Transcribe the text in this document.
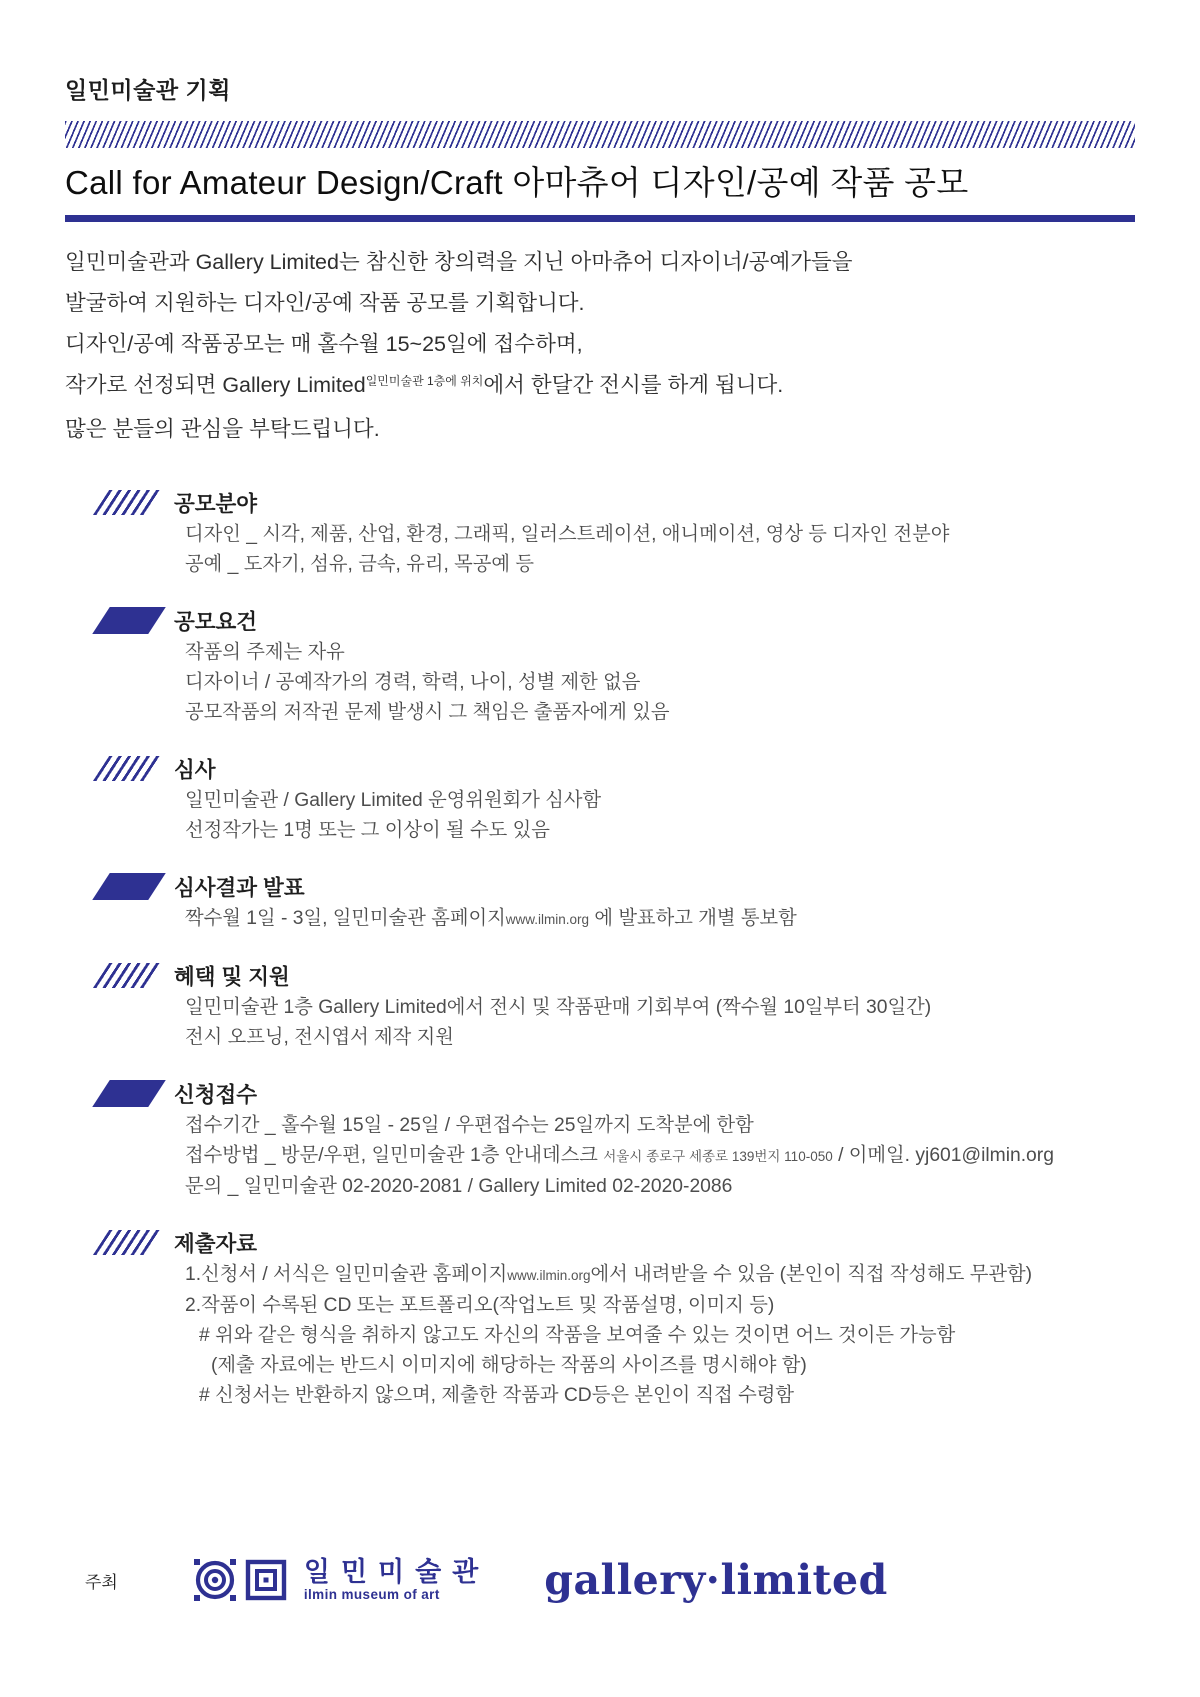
일민미술관 기획
Call for Amateur Design/Craft 아마츄어 디자인/공예 작품 공모
일민미술관과 Gallery Limited는 참신한 창의력을 지닌 아마츄어 디자이너/공예가들을
발굴하여 지원하는 디자인/공예 작품 공모를 기획합니다.
디자인/공예 작품공모는 매 홀수월 15~25일에 접수하며,
작가로 선정되면 Gallery Limited$^{일민미술관 1층에 위치}$에서 한달간 전시를 하게 됩니다.
많은 분들의 관심을 부탁드립니다.
공모분야
디자인 _ 시각, 제품, 산업, 환경, 그래픽, 일러스트레이션, 애니메이션, 영상 등 디자인 전분야
공예 _ 도자기, 섬유, 금속, 유리, 목공예 등
공모요건
작품의 주제는 자유
디자이너 / 공예작가의 경력, 학력, 나이, 성별 제한 없음
공모작품의 저작권 문제 발생시 그 책임은 출품자에게 있음
심사
일민미술관 / Gallery Limited 운영위원회가 심사함
선정작가는 1명 또는 그 이상이 될 수도 있음
심사결과 발표
짝수월 1일 - 3일, 일민미술관 홈페이지www.ilmin.org 에 발표하고 개별 통보함
혜택 및 지원
일민미술관 1층 Gallery Limited에서 전시 및 작품판매 기회부여 (짝수월 10일부터 30일간)
전시 오프닝, 전시엽서 제작 지원
신청접수
접수기간 _ 홀수월 15일 - 25일 / 우편접수는 25일까지 도착분에 한함
접수방법 _ 방문/우편, 일민미술관 1층 안내데스크 서울시 종로구 세종로 139번지 110-050 / 이메일. yj601@ilmin.org
문의 _ 일민미술관 02-2020-2081 / Gallery Limited 02-2020-2086
제출자료
1.신청서 / 서식은 일민미술관 홈페이지www.ilmin.org에서 내려받을 수 있음 (본인이 직접 작성해도 무관함)
2.작품이 수록된 CD 또는 포트폴리오(작업노트 및 작품설명, 이미지 등)
# 위와 같은 형식을 취하지 않고도 자신의 작품을 보여줄 수 있는 것이면 어느 것이든 가능함
(제출 자료에는 반드시 이미지에 해당하는 작품의 사이즈를 명시해야 함)
# 신청서는 반환하지 않으며, 제출한 작품과 CD등은 본인이 직접 수령함
주최	일민미술관
ilmin museum of art	gallery·limited
